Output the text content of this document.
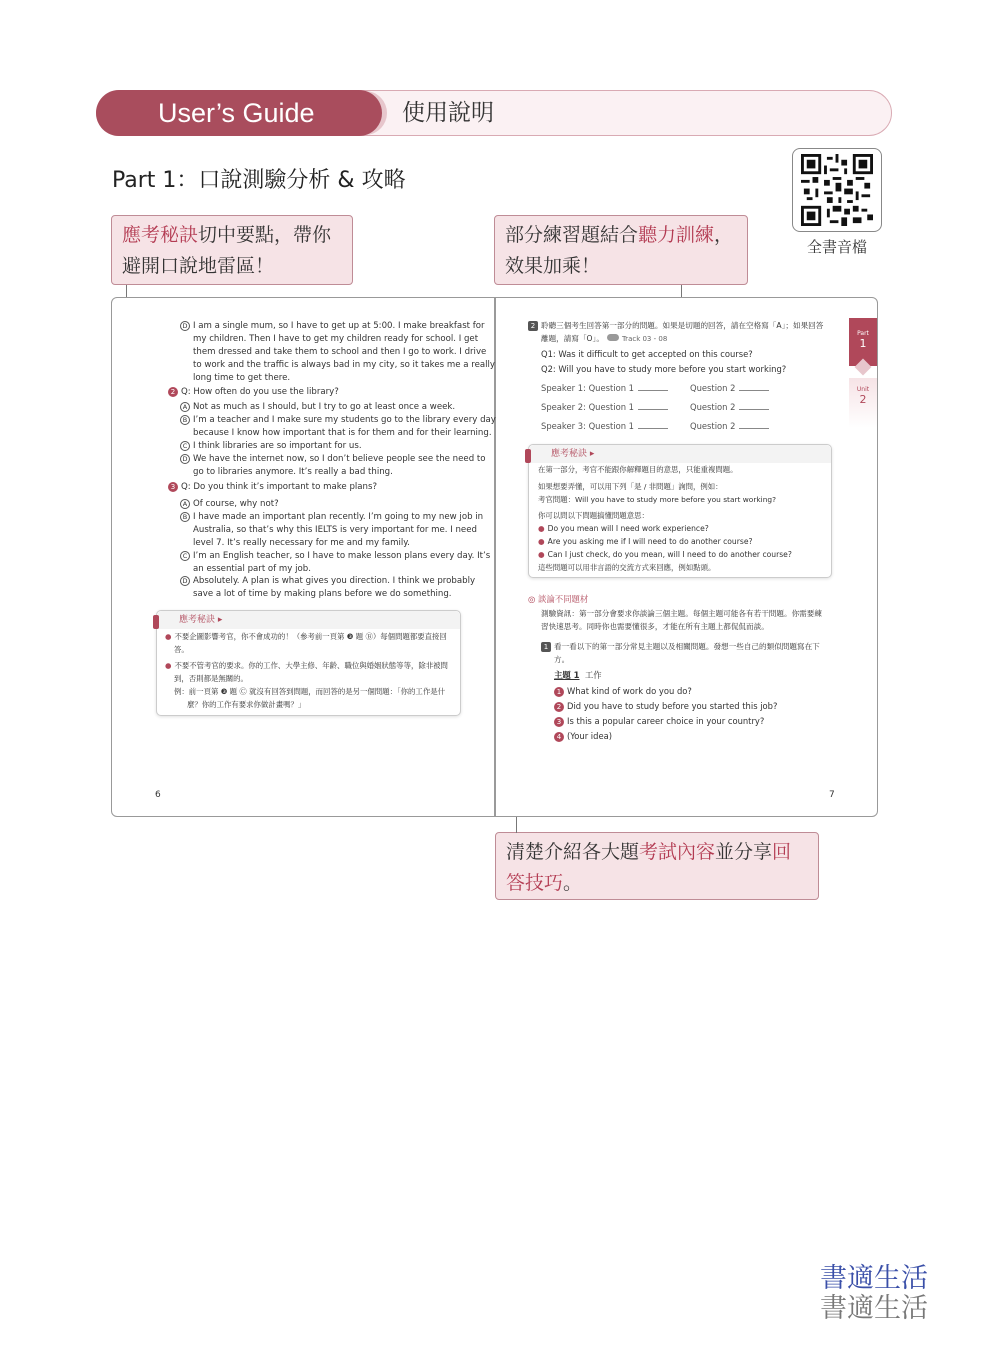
User’s Guide	使用說明
Part 1：口說測驗分析 & 攻略
全書音檔
應考秘訣切中要點，帶你
避開口說地雷區！
部分練習題結合聽力訓練，
效果加乘！
清楚介紹各大題考試內容並分享回
答技巧。
D I am a single mum, so I have to get up at 5:00. I make breakfast for
my children. Then I have to get my children ready for school. I get
them dressed and take them to school and then I go to work. I drive
to work and the traffic is always bad in my city, so it takes me a really
long time to get there.
2 Q: How often do you use the library?
A Not as much as I should, but I try to go at least once a week.
B I’m a teacher and I make sure my students go to the library every day
because I know how important that is for them and for their learning.
C I think libraries are so important for us.
D We have the internet now, so I don’t believe people see the need to
go to libraries anymore. It’s really a bad thing.
3 Q: Do you think it’s important to make plans?
A Of course, why not?
B I have made an important plan recently. I’m going to my new job in
Australia, so that’s why this IELTS is very important for me. I need
level 7. It’s really necessary for me and my family.
C I’m an English teacher, so I have to make lesson plans every day. It’s
an essential part of my job.
D Absolutely. A plan is what gives you direction. I think we probably
save a lot of time by making plans before we do something.
應考秘訣 ▸
● 不要企圖影響考官，你不會成功的！（參考前一頁第 ❸ 題 Ⓑ）每個問題都要直接回
答。
● 不要不管考官的要求。你的工作、大學主修、年齡、職位與婚姻狀態等等，除非被問
到，否則都是無關的。
例：前一頁第 ❸ 題 Ⓒ 就沒有回答到問題，而回答的是另一個問題：「你的工作是什
麼？你的工作有要求你做計畫嗎？」
6
2 聆聽三個考生回答第一部分的問題。如果是切題的回答，請在空格寫「A」；如果回答
離題，請寫「O」。	Track 03 - 08
Q1: Was it difficult to get accepted on this course?
Q2: Will you have to study more before you start working?
Speaker 1: Question 1	Question 2
Speaker 2: Question 1	Question 2
Speaker 3: Question 1	Question 2
應考秘訣 ▸
在第一部分，考官不能跟你解釋題目的意思，只能重複問題。
如果想要弄懂，可以用下列「是 / 非問題」詢問，例如：
考官問題：Will you have to study more before you start working?
你可以問以下問題搞懂問題意思：
● Do you mean will I need work experience?
● Are you asking me if I will need to do another course?
● Can I just check, do you mean, will I need to do another course?
這些問題可以用非言語的交流方式來回應，例如點頭。
◎ 談論不同題材
測驗資訊：第一部分會要求你談論三個主題。每個主題可能各有若干問題。你需要練
習快速思考。同時你也需要懂很多，才能在所有主題上都侃侃而談。
1 看一看以下的第一部分常見主題以及相關問題。發想一些自己的類似問題寫在下
方。
主題 1 工作
1 What kind of work do you do?
2 Did you have to study before you started this job?
3 Is this a popular career choice in your country?
4 (Your idea)
Part
1
Unit
2
7
書適生活
書適生活
